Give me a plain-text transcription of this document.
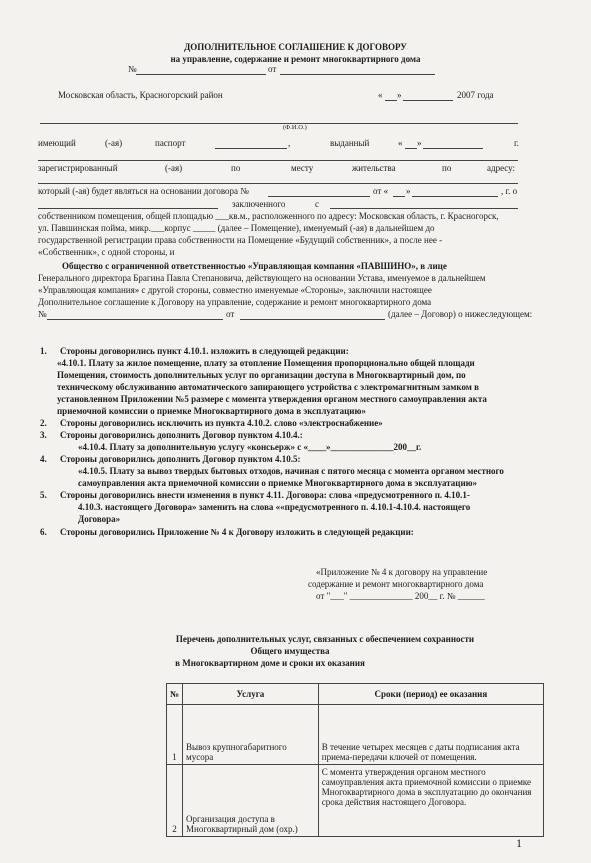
ДОПОЛНИТЕЛЬНОЕ СОГЛАШЕНИЕ К ДОГОВОРУ
на управление, содержание и ремонт многоквартирного дома
№	от
Московская область, Красногорский район	« »	2007 года
(Ф.И.О.)
имеющий	(-ая)	паспорт	,	выданный	« »	г.
зарегистрированный	(-ая)	по	месту	жительства	по	адресу:
который (-ая) будет являться на основании договора №	от « »	, г. о
заключенного	с
собственником помещения, общей площадью ___кв.м., расположенного по адресу: Московская область, г. Красногорск,
ул. Павшинская пойма, микр.___корпус _____ (далее – Помещение), именуемый (-ая) в дальнейшем до
государственной регистрации права собственности на Помещение «Будущий собственник», а после нее -
«Собственник», с одной стороны, и
Общество с ограниченной ответственностью «Управляющая компания «ПАВШИНО», в лице
Генерального директора Брагина Павла Степановича, действующего на основании Устава, именуемое в дальнейшем
«Управляющая компания» с другой стороны, совместно именуемые «Стороны», заключили настоящее
Дополнительное соглашение к Договору на управление, содержание и ремонт многоквартирного дома
№	от	(далее – Договор) о нижеследующем:
1. Стороны договорились пункт 4.10.1. изложить в следующей редакции:
«4.10.1. Плату за жилое помещение, плату за отопление Помещения пропорционально общей площади
Помещения, стоимость дополнительных услуг по организации доступа в Многоквартирный дом, по
техническому обслуживанию автоматического запирающего устройства с электромагнитным замком в
установленном Приложении №5 размере с момента утверждения органом местного самоуправления акта
приемочной комиссии о приемке Многоквартирного дома в эксплуатацию»
2. Стороны договорились исключить из пункта 4.10.2. слово «электроснабжение»
3. Стороны договорились дополнить Договор пунктом 4.10.4.:
«4.10.4. Плату за дополнительную услугу «консьерж» с «____»______________200__г.
4. Стороны договорились дополнить Договор пунктом 4.10.5:
«4.10.5. Плату за вывоз твердых бытовых отходов, начиная с пятого месяца с момента органом местного
самоуправления акта приемочной комиссии о приемке Многоквартирного дома в эксплуатацию»
5. Стороны договорились внести изменения в пункт 4.11. Договора: слова «предусмотренного п. 4.10.1-
4.10.3. настоящего Договора» заменить на слова ««предусмотренного п. 4.10.1-4.10.4. настоящего
Договора»
6. Стороны договорились Приложение № 4 к Договору изложить в следующей редакции:
«Приложение № 4 к договору на управление
содержание и ремонт многоквартирного дома
от "___" ______________ 200__ г. № ______
Перечень дополнительных услуг, связанных с обеспечением сохранности
Общего имущества
в Многоквартирном доме и сроки их оказания
№	Услуга	Сроки (период) ее оказания
1	Вывоз крупногабаритного мусора	В течение четырех месяцев с даты подписания акта приема-передачи ключей от помещения.
2	Организация доступа в Многоквартирный дом (охр.)	С момента утверждения органом местного самоуправления акта приемочной комиссии о приемке Многоквартирного дома в эксплуатацию до окончания срока действия настоящего Договора.
1
